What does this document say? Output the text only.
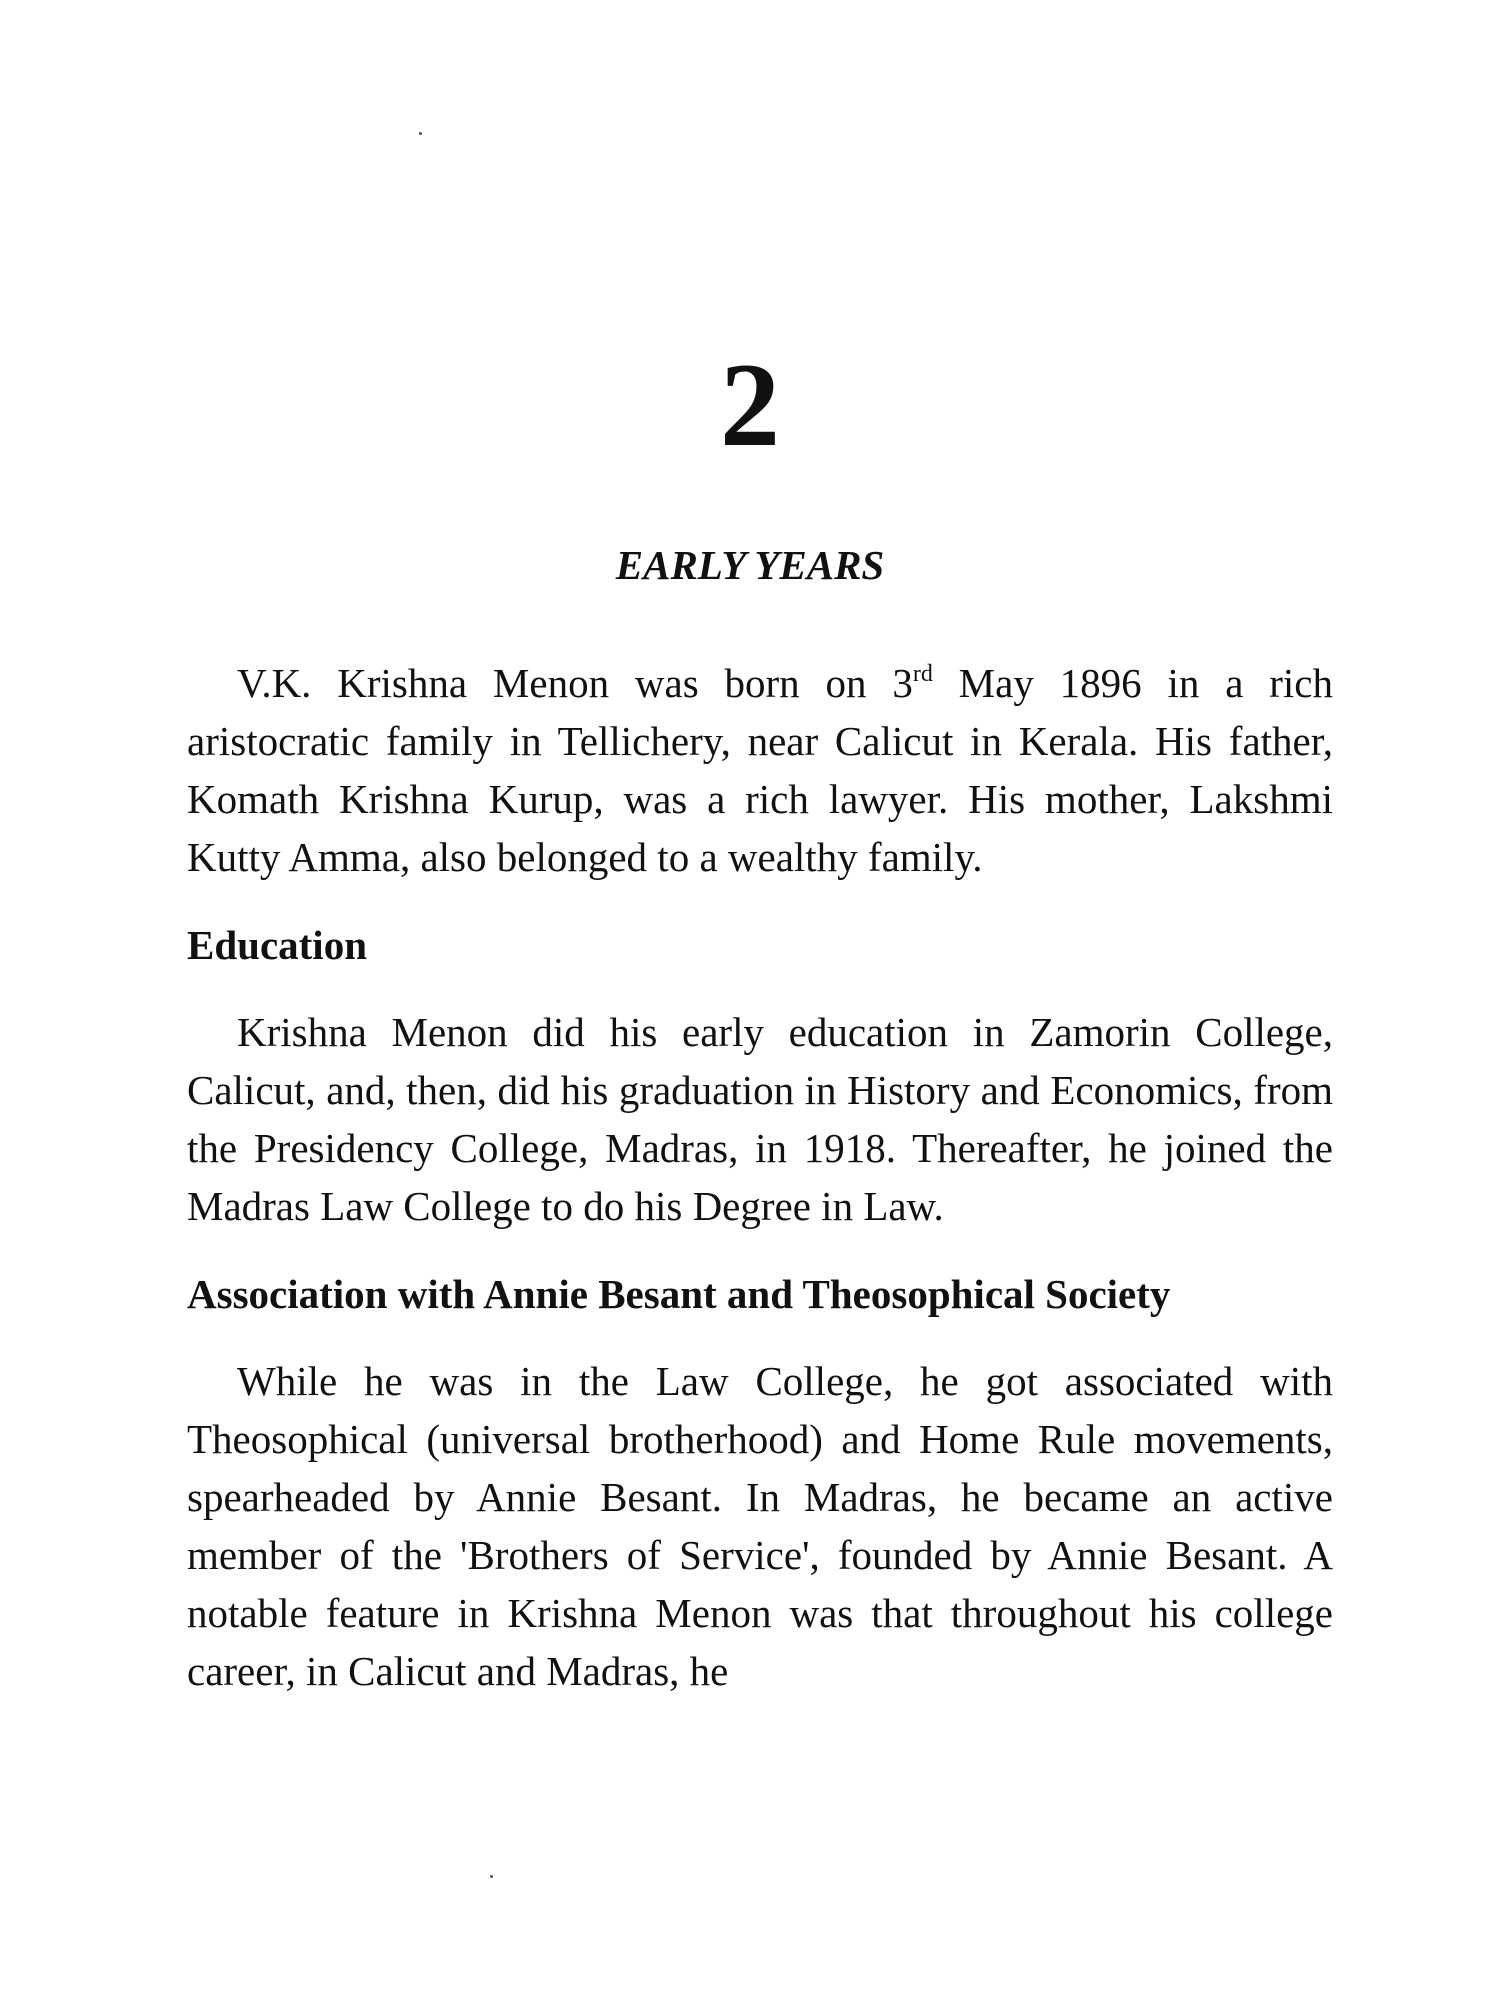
2
EARLY YEARS

V.K. Krishna Menon was born on 3rd May 1896 in a rich aristocratic family in Tellichery, near Calicut in Kerala. His father, Komath Krishna Kurup, was a rich lawyer. His mother, Lakshmi Kutty Amma, also belonged to a wealthy family.

Education

Krishna Menon did his early education in Zamorin College, Calicut, and, then, did his graduation in History and Economics, from the Presidency College, Madras, in 1918. Thereafter, he joined the Madras Law College to do his Degree in Law.

Association with Annie Besant and Theosophical Society

While he was in the Law College, he got associated with Theosophical (universal brotherhood) and Home Rule movements, spearheaded by Annie Besant. In Madras, he became an active member of the 'Brothers of Service', founded by Annie Besant. A notable feature in Krishna Menon was that throughout his college career, in Calicut and Madras, he
